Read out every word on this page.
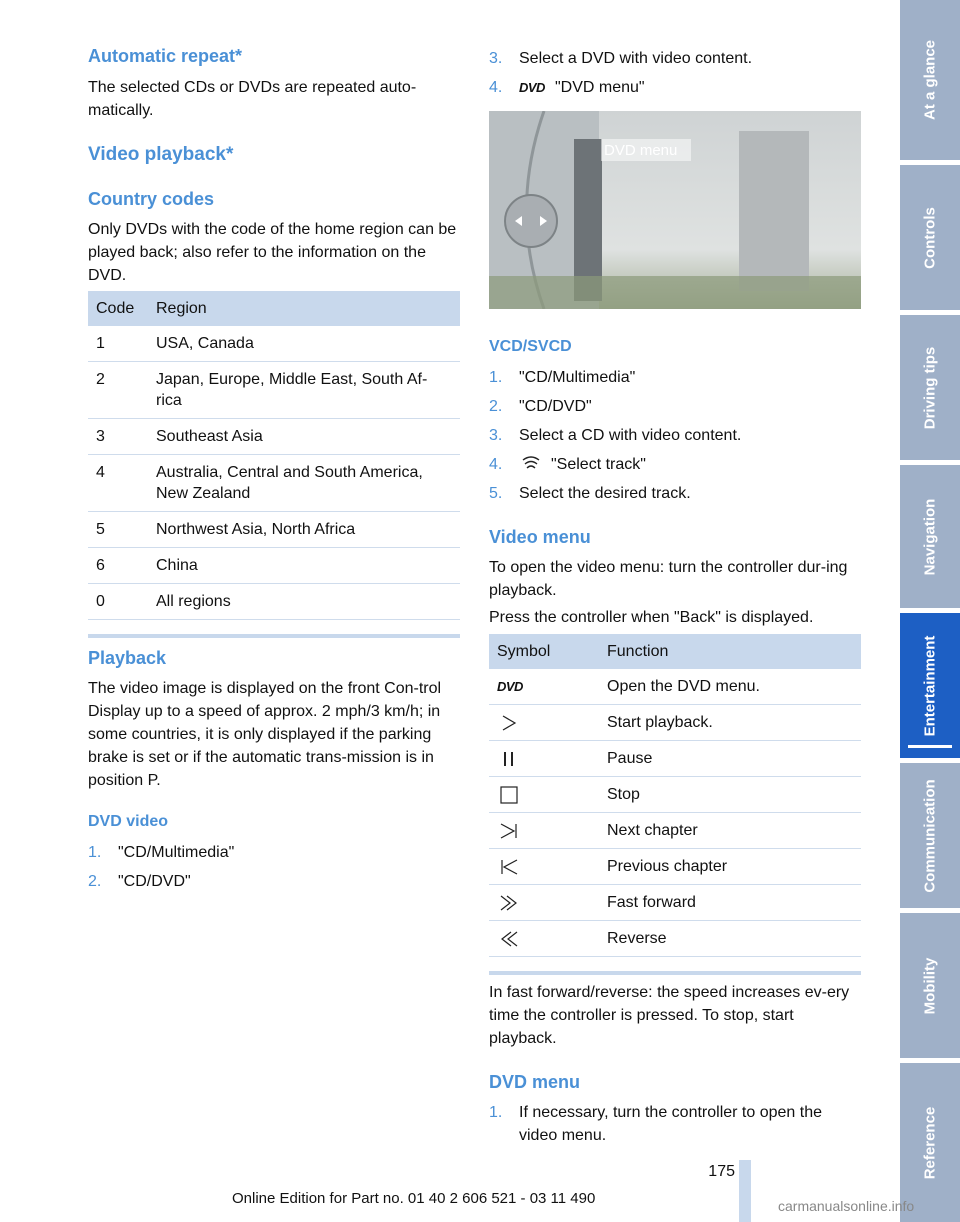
Automatic repeat*

The selected CDs or DVDs are repeated auto-matically.

Video playback*
Country codes

Only DVDs with the code of the home region can be played back; also refer to the information on the DVD.

Code	Region
1	USA, Canada
2	Japan, Europe, Middle East, South Af-rica
3	Southeast Asia
4	Australia, Central and South America, New Zealand
5	Northwest Asia, North Africa
6	China
0	All regions
Playback

The video image is displayed on the front Con-trol Display up to a speed of approx. 2 mph/3 km/h; in some countries, it is only displayed if the parking brake is set or if the automatic trans-mission is in position P.

DVD video
1. "CD/Multimedia"
2. "CD/DVD"
3. Select a DVD with video content.
4. DVD "DVD menu"
DVD menu
VCD/SVCD
1. "CD/Multimedia"
2. "CD/DVD"
3. Select a CD with video content.
4.	"Select track"
5. Select the desired track.
Video menu

To open the video menu: turn the controller dur-ing playback.

Press the controller when "Back" is displayed.

Symbol	Function
DVD	Open the DVD menu.
	Start playback.
	Pause
	Stop
	Next chapter
	Previous chapter
	Fast forward
	Reverse

In fast forward/reverse: the speed increases ev-ery time the controller is pressed. To stop, start playback.

DVD menu
1. If necessary, turn the controller to open the video menu.
At a glance
Controls
Driving tips
Navigation
Entertainment
Communication
Mobility
Reference
175
Online Edition for Part no. 01 40 2 606 521 - 03 11 490	carmanualsonline.info
